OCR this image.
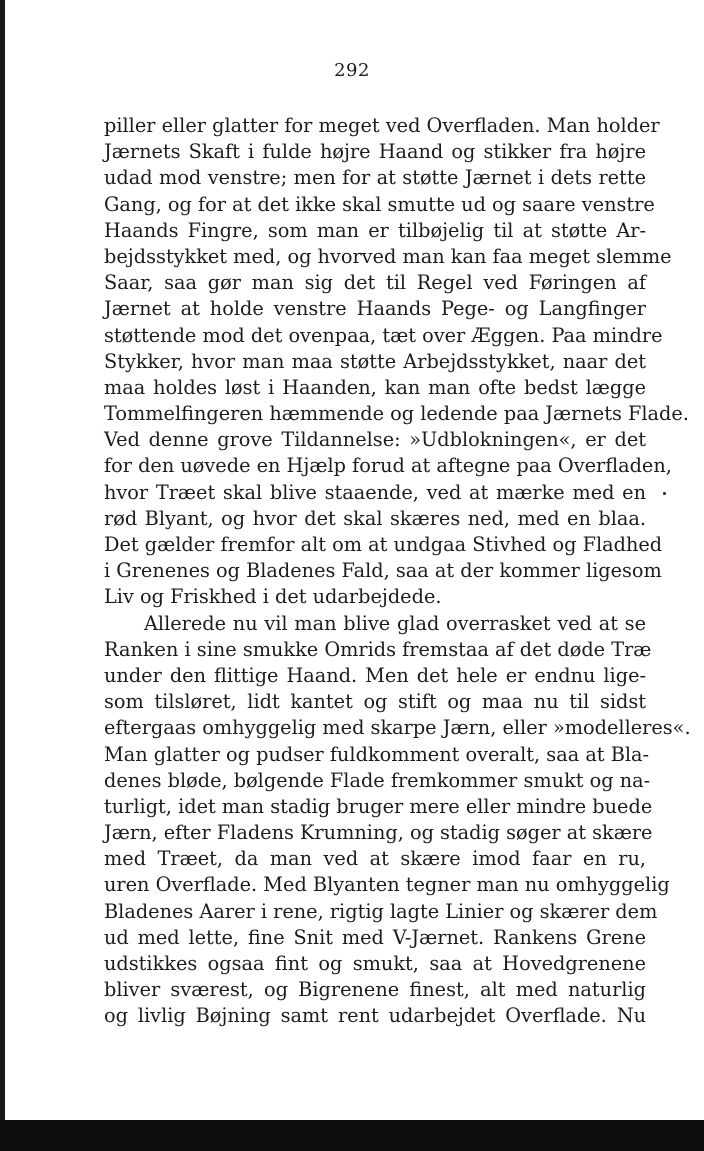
292
piller eller glatter for meget ved Overfladen. Man holder
Jærnets Skaft i fulde højre Haand og stikker fra højre
udad mod venstre; men for at støtte Jærnet i dets rette
Gang, og for at det ikke skal smutte ud og saare venstre
Haands Fingre, som man er tilbøjelig til at støtte Ar-
bejdsstykket med, og hvorved man kan faa meget slemme
Saar, saa gør man sig det til Regel ved Føringen af
Jærnet at holde venstre Haands Pege- og Langfinger
støttende mod det ovenpaa, tæt over Æggen. Paa mindre
Stykker, hvor man maa støtte Arbejdsstykket, naar det
maa holdes løst i Haanden, kan man ofte bedst lægge
Tommelfingeren hæmmende og ledende paa Jærnets Flade.
Ved denne grove Tildannelse: »Udblokningen«, er det
for den uøvede en Hjælp forud at aftegne paa Overfladen,
hvor Træet skal blive staaende, ved at mærke med en
rød Blyant, og hvor det skal skæres ned, med en blaa.
Det gælder fremfor alt om at undgaa Stivhed og Fladhed
i Grenenes og Bladenes Fald, saa at der kommer ligesom
Liv og Friskhed i det udarbejdede.
Allerede nu vil man blive glad overrasket ved at se
Ranken i sine smukke Omrids fremstaa af det døde Træ
under den flittige Haand. Men det hele er endnu lige-
som tilsløret, lidt kantet og stift og maa nu til sidst
eftergaas omhyggelig med skarpe Jærn, eller »modelleres«.
Man glatter og pudser fuldkomment overalt, saa at Bla-
denes bløde, bølgende Flade fremkommer smukt og na-
turligt, idet man stadig bruger mere eller mindre buede
Jærn, efter Fladens Krumning, og stadig søger at skære
med Træet, da man ved at skære imod faar en ru,
uren Overflade. Med Blyanten tegner man nu omhyggelig
Bladenes Aarer i rene, rigtig lagte Linier og skærer dem
ud med lette, fine Snit med V-Jærnet. Rankens Grene
udstikkes ogsaa fint og smukt, saa at Hovedgrenene
bliver sværest, og Bigrenene finest, alt med naturlig
og livlig Bøjning samt rent udarbejdet Overflade. Nu
